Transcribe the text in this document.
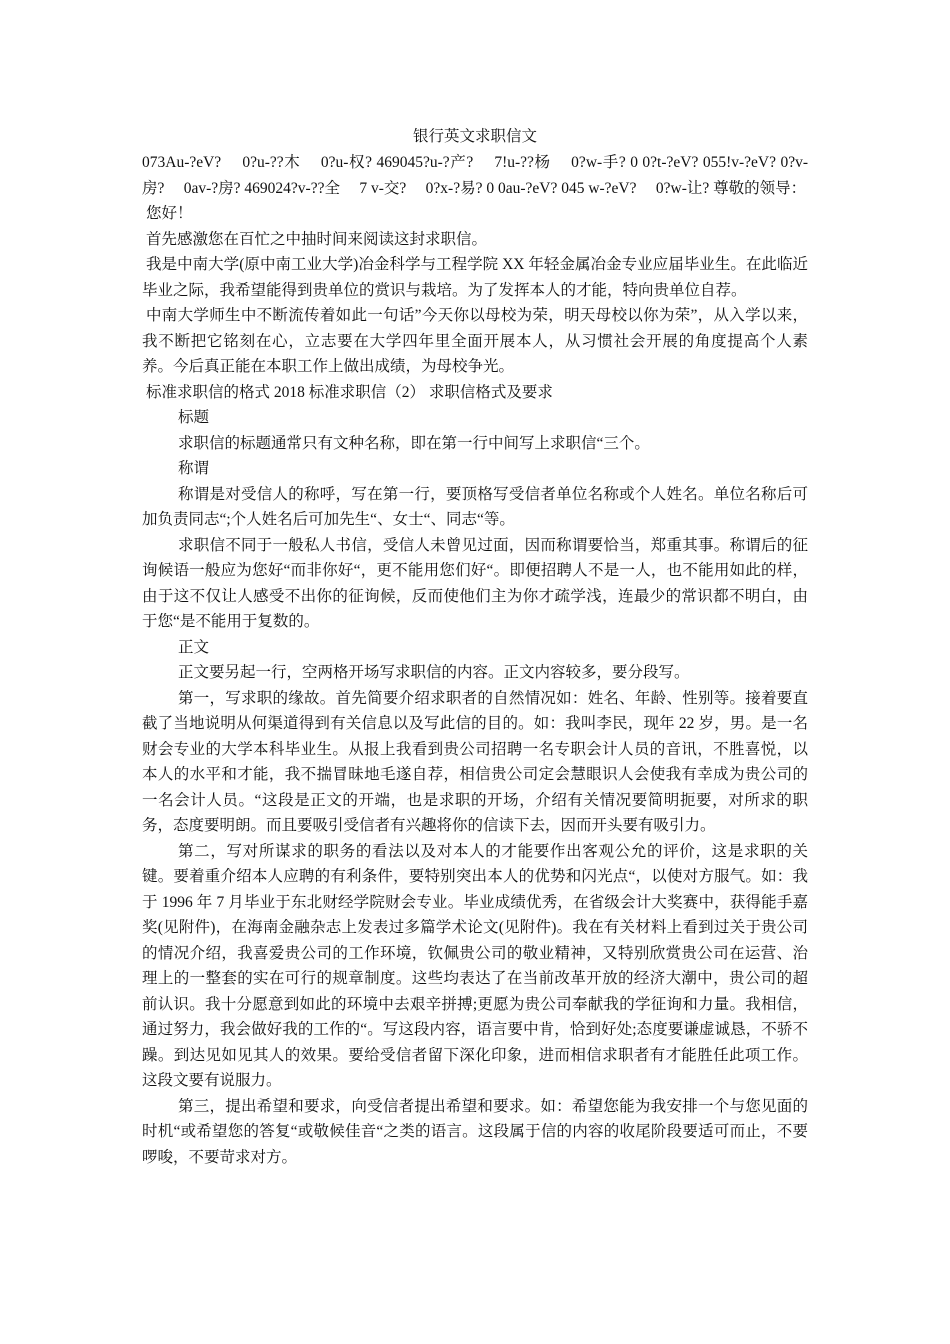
银行英文求职信文

073Au-?eV?　 0?u-??木　 0?u-权? 469045?u-?产?　 7!u-??杨　 0?w-手? 0 0?t-?eV? 055!v-?eV? 0?v-房?　 0av-?房? 469024?v-??全　 7 v-交?　 0?x-?易? 0 0au-?eV? 045 w-?eV?　 0?w-让? 尊敬的领导：

您好！

首先感激您在百忙之中抽时间来阅读这封求职信。

我是中南大学(原中南工业大学)冶金科学与工程学院 XX 年轻金属冶金专业应届毕业生。在此临近毕业之际，我希望能得到贵单位的赏识与栽培。为了发挥本人的才能，特向贵单位自荐。

中南大学师生中不断流传着如此一句话”今天你以母校为荣，明天母校以你为荣”，从入学以来，我不断把它铭刻在心，立志要在大学四年里全面开展本人，从习惯社会开展的角度提高个人素养。今后真正能在本职工作上做出成绩，为母校争光。

标准求职信的格式 2018 标准求职信（2） 求职信格式及要求

标题

求职信的标题通常只有文种名称，即在第一行中间写上求职信“三个。

称谓

称谓是对受信人的称呼，写在第一行，要顶格写受信者单位名称或个人姓名。单位名称后可加负责同志“;个人姓名后可加先生“、女士“、同志“等。

求职信不同于一般私人书信，受信人未曾见过面，因而称谓要恰当，郑重其事。称谓后的征询候语一般应为您好“而非你好“，更不能用您们好“。即便招聘人不是一人，也不能用如此的样，由于这不仅让人感受不出你的征询候，反而使他们主为你才疏学浅，连最少的常识都不明白，由于您“是不能用于复数的。

正文

正文要另起一行，空两格开场写求职信的内容。正文内容较多，要分段写。

第一，写求职的缘故。首先简要介绍求职者的自然情况如：姓名、年龄、性别等。接着要直截了当地说明从何渠道得到有关信息以及写此信的目的。如：我叫李民，现年 22 岁，男。是一名财会专业的大学本科毕业生。从报上我看到贵公司招聘一名专职会计人员的音讯，不胜喜悦，以本人的水平和才能，我不揣冒昧地毛遂自荐，相信贵公司定会慧眼识人会使我有幸成为贵公司的一名会计人员。“这段是正文的开端，也是求职的开场，介绍有关情况要简明扼要，对所求的职务，态度要明朗。而且要吸引受信者有兴趣将你的信读下去，因而开头要有吸引力。

第二，写对所谋求的职务的看法以及对本人的才能要作出客观公允的评价，这是求职的关键。要着重介绍本人应聘的有利条件，要特别突出本人的优势和闪光点“，以使对方服气。如：我于 1996 年 7 月毕业于东北财经学院财会专业。毕业成绩优秀，在省级会计大奖赛中，获得能手嘉奖(见附件)，在海南金融杂志上发表过多篇学术论文(见附件)。我在有关材料上看到过关于贵公司的情况介绍，我喜爱贵公司的工作环境，钦佩贵公司的敬业精神，又特别欣赏贵公司在运营、治理上的一整套的实在可行的规章制度。这些均表达了在当前改革开放的经济大潮中，贵公司的超前认识。我十分愿意到如此的环境中去艰辛拼搏;更愿为贵公司奉献我的学征询和力量。我相信，通过努力，我会做好我的工作的“。写这段内容，语言要中肯，恰到好处;态度要谦虚诚恳，不骄不躁。到达见如见其人的效果。要给受信者留下深化印象，进而相信求职者有才能胜任此项工作。这段文要有说服力。

第三，提出希望和要求，向受信者提出希望和要求。如：希望您能为我安排一个与您见面的时机“或希望您的答复“或敬候佳音“之类的语言。这段属于信的内容的收尾阶段要适可而止，不要啰唆，不要苛求对方。
